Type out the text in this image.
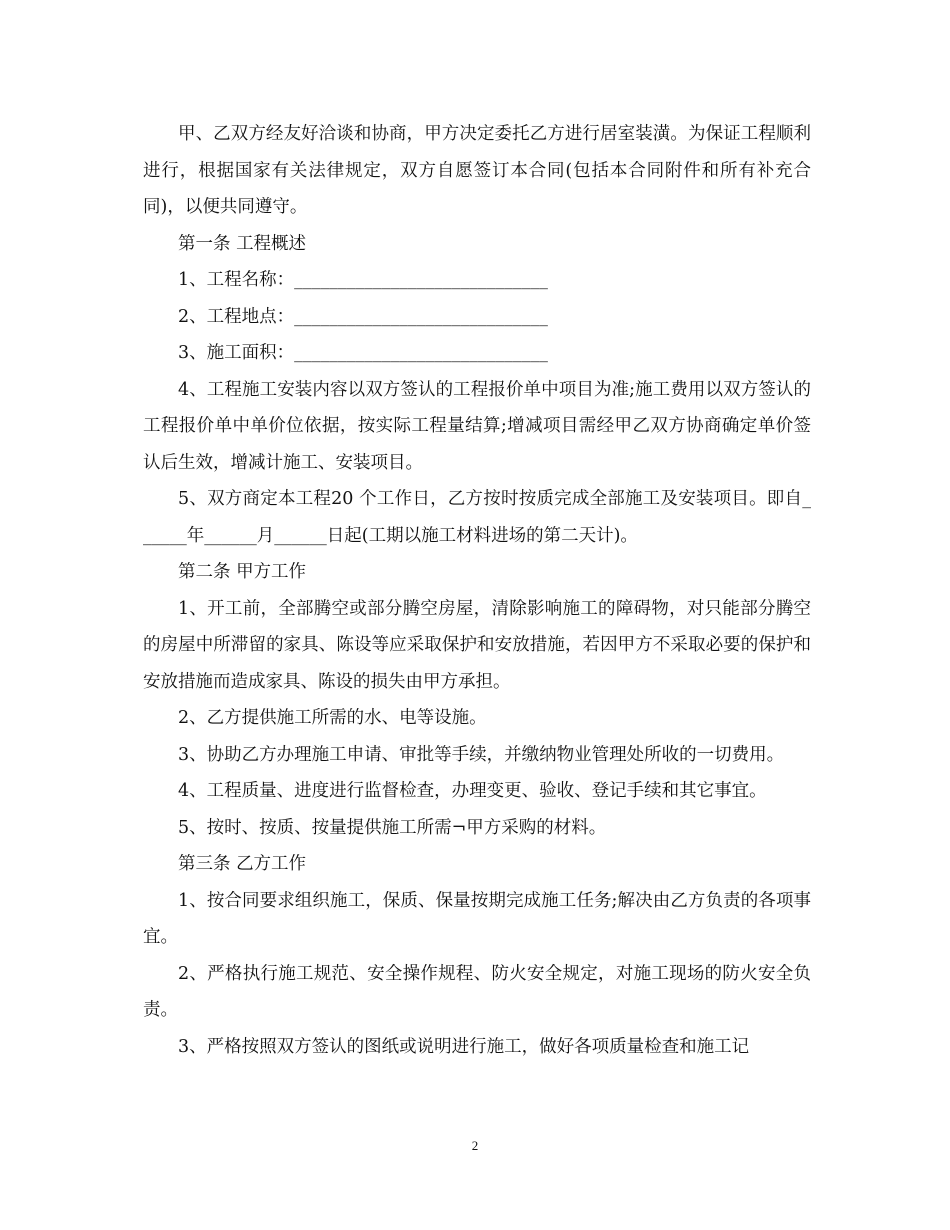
甲、乙双方经友好洽谈和协商，甲方决定委托乙方进行居室装潢。为保证工程顺利进行，根据国家有关法律规定，双方自愿签订本合同(包括本合同附件和所有补充合同)，以便共同遵守。

第一条 工程概述

1、工程名称：_____________________________

2、工程地点：_____________________________

3、施工面积：_____________________________

4、工程施工安装内容以双方签认的工程报价单中项目为准;施工费用以双方签认的工程报价单中单价位依据，按实际工程量结算;增减项目需经甲乙双方协商确定单价签认后生效，增减计施工、安装项目。

5、双方商定本工程20 个工作日，乙方按时按质完成全部施工及安装项目。即自______年______月______日起(工期以施工材料进场的第二天计)。

第二条 甲方工作

1、开工前，全部腾空或部分腾空房屋，清除影响施工的障碍物，对只能部分腾空的房屋中所滞留的家具、陈设等应采取保护和安放措施，若因甲方不采取必要的保护和安放措施而造成家具、陈设的损失由甲方承担。

2、乙方提供施工所需的水、电等设施。

3、协助乙方办理施工申请、审批等手续，并缴纳物业管理处所收的一切费用。

4、工程质量、进度进行监督检查，办理变更、验收、登记手续和其它事宜。

5、按时、按质、按量提供施工所需¬甲方采购的材料。

第三条 乙方工作

1、按合同要求组织施工，保质、保量按期完成施工任务;解决由乙方负责的各项事宜。

2、严格执行施工规范、安全操作规程、防火安全规定，对施工现场的防火安全负责。

3、严格按照双方签认的图纸或说明进行施工，做好各项质量检查和施工记

2
